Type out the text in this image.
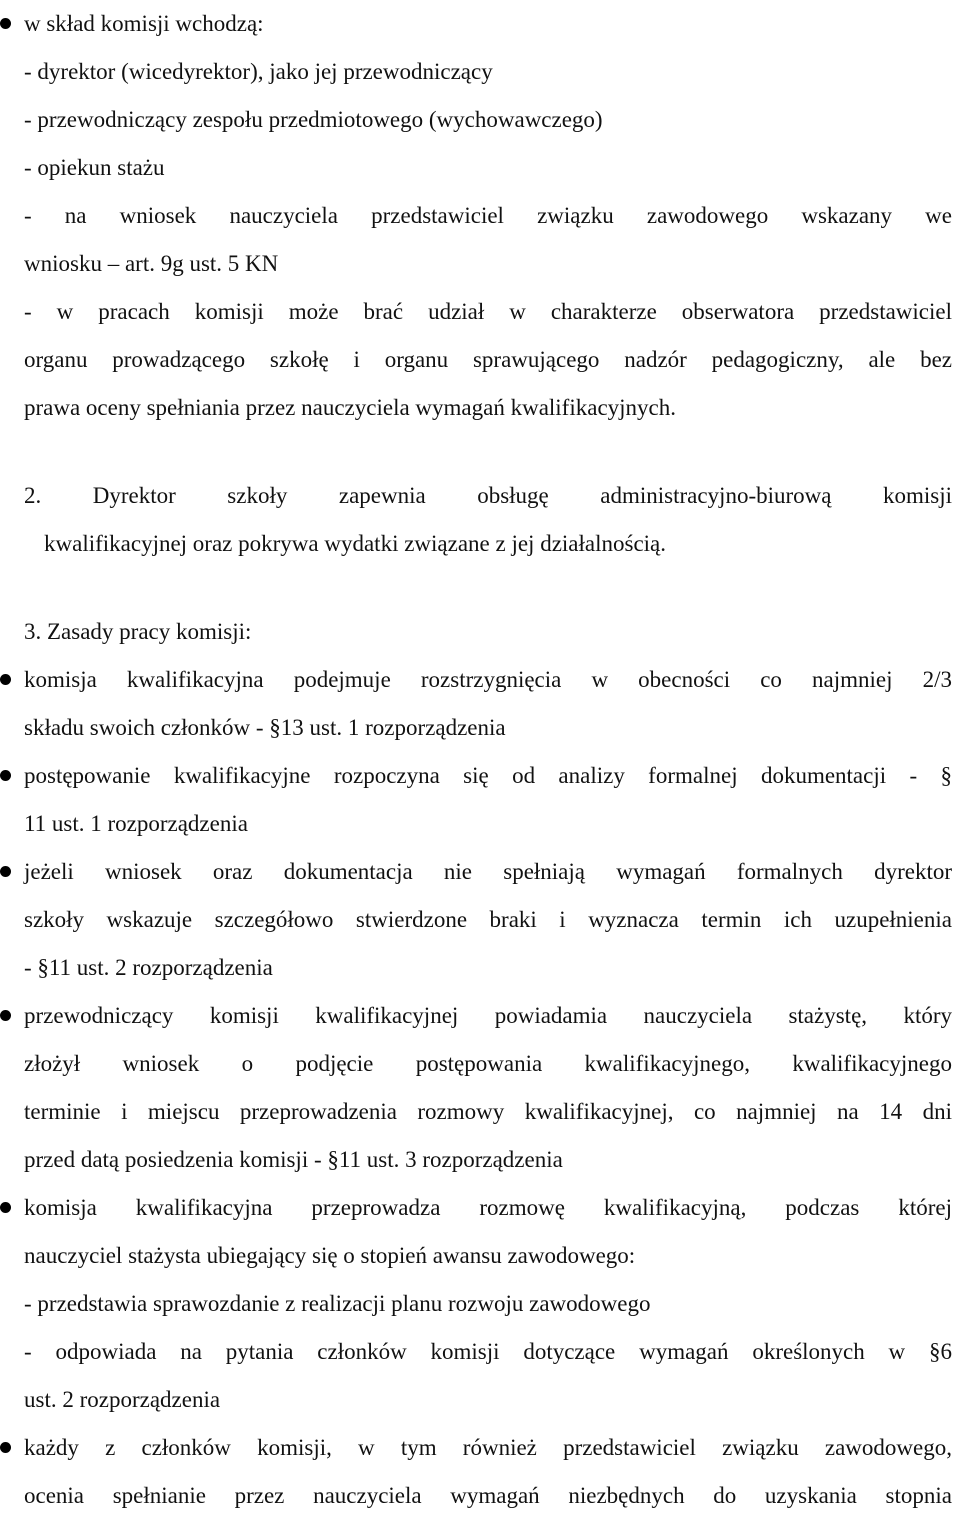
w skład komisji wchodzą:
- dyrektor (wicedyrektor), jako jej przewodniczący
- przewodniczący zespołu przedmiotowego (wychowawczego)
- opiekun stażu
- na wniosek nauczyciela przedstawiciel związku zawodowego wskazany we
wniosku – art. 9g ust. 5 KN
- w pracach komisji może brać udział w charakterze obserwatora przedstawiciel
organu prowadzącego szkołę i organu sprawującego nadzór pedagogiczny, ale bez
prawa oceny spełniania przez nauczyciela wymagań kwalifikacyjnych.
2. Dyrektor szkoły zapewnia obsługę administracyjno-biurową komisji
kwalifikacyjnej oraz pokrywa wydatki związane z jej działalnością.
3. Zasady pracy komisji:
komisja kwalifikacyjna podejmuje rozstrzygnięcia w obecności co najmniej 2/3
składu swoich członków - §13 ust. 1 rozporządzenia
postępowanie kwalifikacyjne rozpoczyna się od analizy formalnej dokumentacji - §
11 ust. 1 rozporządzenia
jeżeli wniosek oraz dokumentacja nie spełniają wymagań formalnych dyrektor
szkoły wskazuje szczegółowo stwierdzone braki i wyznacza termin ich uzupełnienia
- §11 ust. 2 rozporządzenia
przewodniczący komisji kwalifikacyjnej powiadamia nauczyciela stażystę, który
złożył wniosek o podjęcie postępowania kwalifikacyjnego, kwalifikacyjnego
terminie i miejscu przeprowadzenia rozmowy kwalifikacyjnej, co najmniej na 14 dni
przed datą posiedzenia komisji - §11 ust. 3 rozporządzenia
komisja kwalifikacyjna przeprowadza rozmowę kwalifikacyjną, podczas której
nauczyciel stażysta ubiegający się o stopień awansu zawodowego:
- przedstawia sprawozdanie z realizacji planu rozwoju zawodowego
- odpowiada na pytania członków komisji dotyczące wymagań określonych w §6
ust. 2 rozporządzenia
każdy z członków komisji, w tym również przedstawiciel związku zawodowego,
ocenia spełnianie przez nauczyciela wymagań niezbędnych do uzyskania stopnia
